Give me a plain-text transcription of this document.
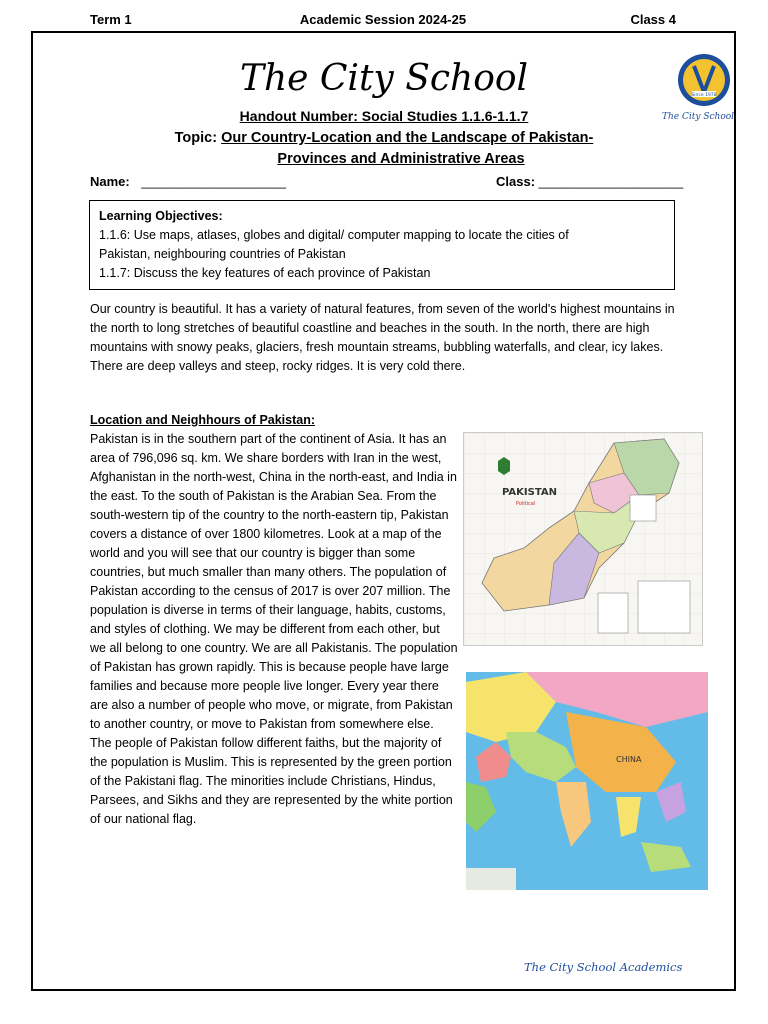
Term 1	Academic Session 2024-25	Class 4
The City School	Since 1978
The City School
Handout Number: Social Studies 1.1.6-1.1.7
Topic: Our Country-Location and the Landscape of Pakistan-
Provinces and Administrative Areas
Name: ____________________	Class: ____________________
Learning Objectives:
1.1.6: Use maps, atlases, globes and digital/ computer mapping to locate the cities of
Pakistan, neighbouring countries of Pakistan
1.1.7: Discuss the key features of each province of Pakistan
Our country is beautiful. It has a variety of natural features, from seven of the world's highest mountains in the north to long stretches of beautiful coastline and beaches in the south. In the north, there are high mountains with snowy peaks, glaciers, fresh mountain streams, bubbling waterfalls, and clear, icy lakes. There are deep valleys and steep, rocky ridges. It is very cold there.
Location and Neighhours of Pakistan:
Pakistan is in the southern part of the continent of Asia. It has an area of 796,096 sq. km. We share borders with Iran in the west, Afghanistan in the north-west, China in the north-east, and India in the east. To the south of Pakistan is the Arabian Sea. From the south-western tip of the country to the north-eastern tip, Pakistan covers a distance of over 1800 kilometres. Look at a map of the world and you will see that our country is bigger than some countries, but much smaller than many others. The population of Pakistan according to the census of 2017 is over 207 million. The population is diverse in terms of their language, habits, customs, and styles of clothing. We may be different from each other, but we all belong to one country. We are all Pakistanis. The population of Pakistan has grown rapidly. This is because people have large families and because more people live longer. Every year there are also a number of people who move, or migrate, from Pakistan to another country, or move to Pakistan from somewhere else. The people of Pakistan follow different faiths, but the majority of the population is Muslim. This is represented by the green portion of the Pakistani flag. The minorities include Christians, Hindus, Parsees, and Sikhs and they are represented by the white portion of our national flag.
PAKISTAN
Political
CHINA
The City School Academics
